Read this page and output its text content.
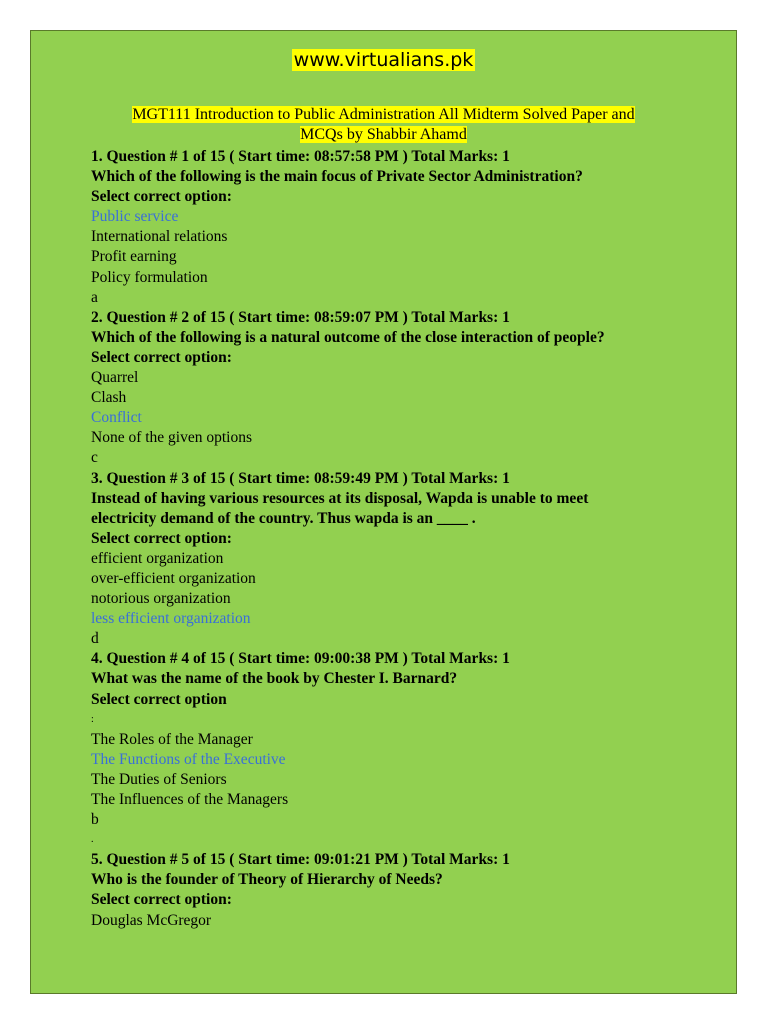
www.virtualians.pk
MGT111 Introduction to Public Administration All Midterm Solved Paper and
MCQs by Shabbir Ahamd
1. Question # 1 of 15 ( Start time: 08:57:58 PM ) Total Marks: 1
Which of the following is the main focus of Private Sector Administration?
Select correct option:
Public service
International relations
Profit earning
Policy formulation
a
2. Question # 2 of 15 ( Start time: 08:59:07 PM ) Total Marks: 1
Which of the following is a natural outcome of the close interaction of people?
Select correct option:
Quarrel
Clash
Conflict
None of the given options
c
3. Question # 3 of 15 ( Start time: 08:59:49 PM ) Total Marks: 1
Instead of having various resources at its disposal, Wapda is unable to meet
electricity demand of the country. Thus wapda is an ____ .
Select correct option:
efficient organization
over-efficient organization
notorious organization
less efficient organization
d
4. Question # 4 of 15 ( Start time: 09:00:38 PM ) Total Marks: 1
What was the name of the book by Chester I. Barnard?
Select correct option
:
The Roles of the Manager
The Functions of the Executive
The Duties of Seniors
The Influences of the Managers
b
.
5. Question # 5 of 15 ( Start time: 09:01:21 PM ) Total Marks: 1
Who is the founder of Theory of Hierarchy of Needs?
Select correct option:
Douglas McGregor
